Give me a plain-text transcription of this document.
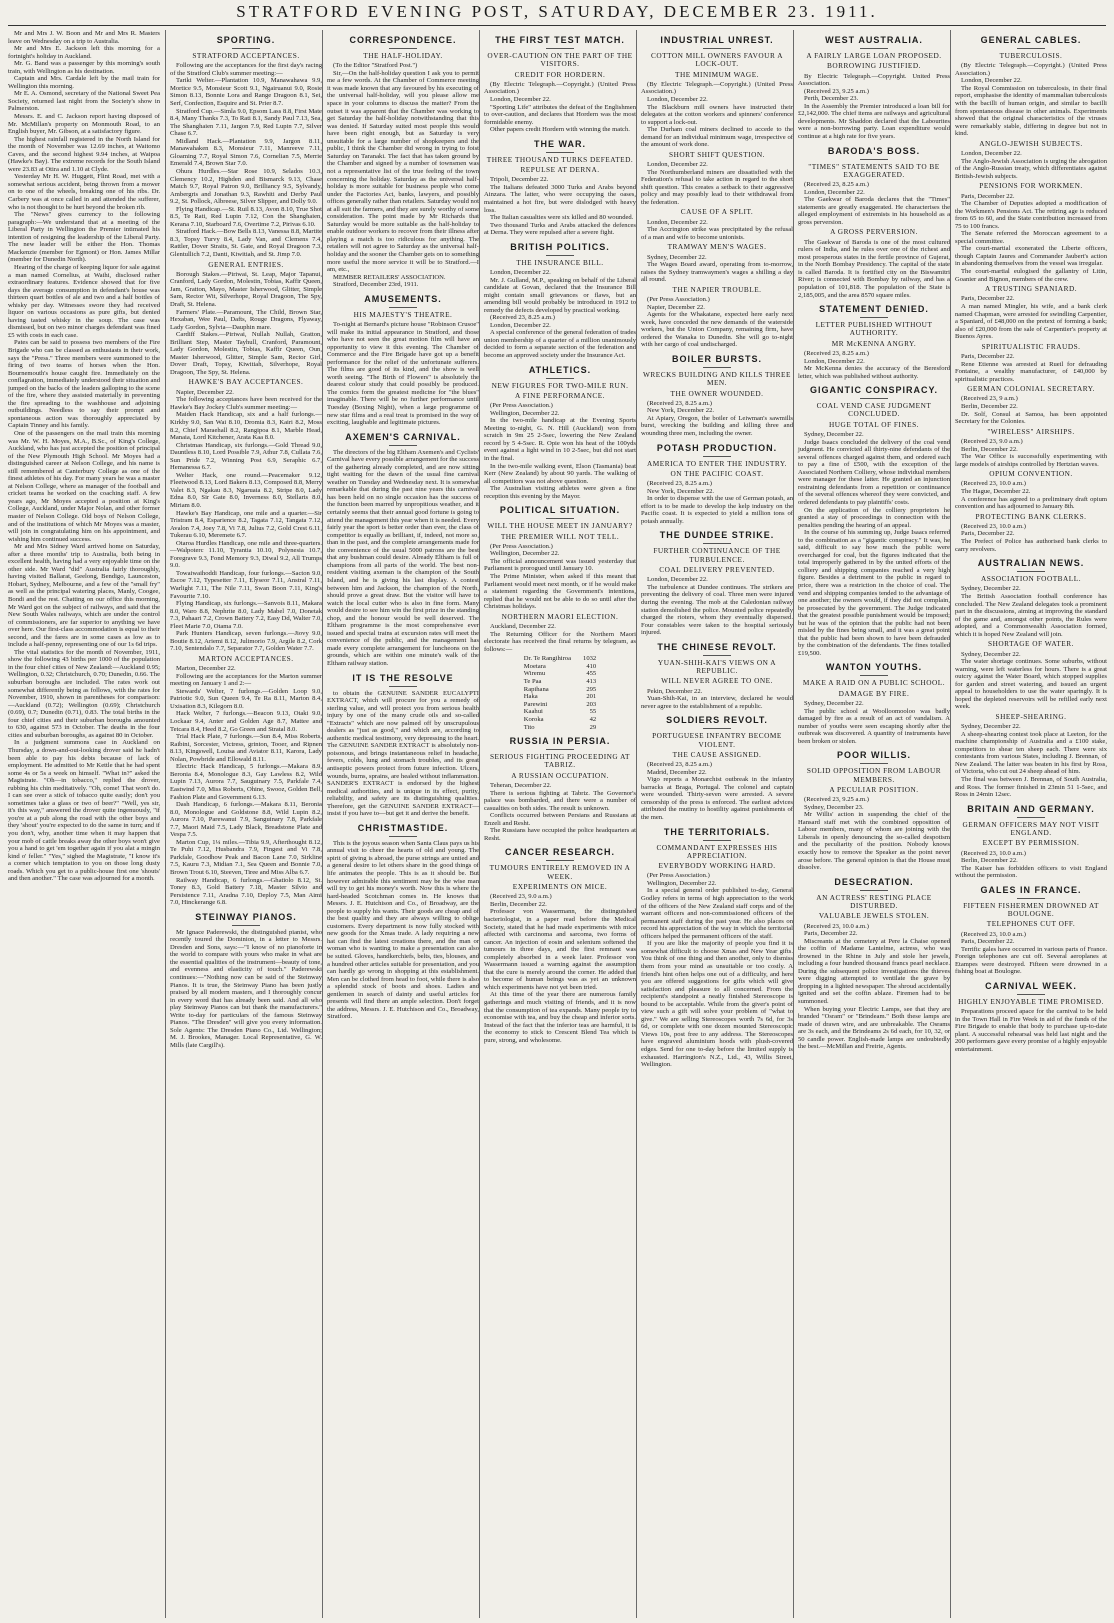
STRATFORD EVENING POST, SATURDAY, DECEMBER 23. 1911.

Mr and Mrs J. W. Boon and Mr and Mrs R. Masters leave on Wednesday on a trip to Australia.

Mr and Mrs E. Jackson left this morning for a fortnight's holiday in Auckland.

Mr. G. Band was a passenger by this morning's south train, with Wellington as his destination.

Captain and Mrs. Cardale left by the mail train for Wellington this morning.

Mr E. A. Osmond, secretary of the National Sweet Pea Society, returned last night from the Society's show in Palmerston.

Messrs. E. and C. Jackson report having disposed of Mr. McMillan's property on Monmouth Road, to an English buyer, Mr. Gibson, at a satisfactory figure.

The highest rainfall registered in the North Island for the month of November was 12.69 inches, at Waitomo Caves, and the second highest 9.94 inches, at Waipoa (Hawke's Bay). The extreme records for the South Island were 23.83 at Otira and 1.10 at Clyde.

Yesterday Mr H. W. Huggett, Flint Road, met with a somewhat serious accident, being thrown from a mower on to one of the wheels, breaking one of his ribs. Dr. Carbery was at once called in and attended the sufferer, who is not thought to be hurt beyond the broken rib.

The "News" gives currency to the following paragraph:—We understand that at a meeting of the Liberal Party in Wellington the Premier intimated his intention of resigning the leadership of the Liberal Party. The new leader will be either the Hon. Thomas Mackenzie (member for Egmont) or Hon. James Millar (member for Dunedin North).

Hearing of the charge of keeping liquor for sale against a man named Cornelius, at Waihi, disclosed rather extraordinary features. Evidence showed that for five days the average consumption in defendant's house was thirteen quart bottles of ale and two and a half bottles of whisky per day. Witnesses swore they had received liquor on various occasions as pure gifts, but denied having tasted whisky in the soup. The case was dismissed, but on two minor charges defendant was fined £5 with costs in each case.

Pates can be said to possess two members of the Fire Brigade who can be classed as enthusiasts in their work, says the "Press." Three members were summoned to the firing of two teams of horses when the Hon. Bournemouth's house caught fire. Immediately on the conflagration, immediately understood their situation and jumped on the backs of the leaders galloping to the scene of the fire, where they assisted materially in preventing the fire spreading to the washhouse and adjoining outbuildings. Needless to say their prompt and spontaneous action was thoroughly appreciated by Captain Tinney and his family.

One of the passengers on the mail train this morning was Mr. W. H. Moyes, M.A., B.Sc., of King's College, Auckland, who has just accepted the position of principal of the New Plymouth High School. Mr Moyes had a distinguished career at Nelson College, and his name is still remembered at Canterbury College as one of the finest athletes of his day. For many years he was a master at Nelson College, where as manager of the football and cricket teams he worked on the coaching staff. A few years ago, Mr Moyes accepted a position at King's College, Auckland, under Major Nolan, and other former master of Nelson College. Old boys of Nelson College, and of the institutions of which Mr Moyes was a master, will join in congratulating him on his appointment, and wishing him continued success.

Mr and Mrs Sidney Ward arrived home on Saturday, after a three months' trip to Australia, both being in excellent health, having had a very enjoyable time on the other side. Mr Ward "did" Australia fairly thoroughly, having visited Ballarat, Geelong, Bendigo, Launceston, Hobart, Sydney, Melbourne, and a few of the "small fry" as well as the principal watering places, Manly, Coogee, Bondi and the rest. Chatting on our office this morning, Mr Ward got on the subject of railways, and said that the New South Wales railways, which are under the control of commissioners, are far superior to anything we have over here. Our first-class accommodation is equal to their second, and the fares are in some cases as low as to include a half-penny, representing one of our 1s 6d trips.

The vital statistics for the month of November, 1911, show the following 43 births per 1000 of the population in the four chief cities of New Zealand:—Auckland 0.95; Wellington, 0.32; Christchurch, 0.70; Dunedin, 0.66. The suburban boroughs are included. The rates work out somewhat differently being as follows, with the rates for November, 1910, shown in parentheses for comparison:—Auckland (0.72); Wellington (0.69); Christchurch (0.69), 0.7; Dunedin (0.71), 0.83. The total births in the four chief cities and their suburban boroughs amounted to 630, against 573 in October. The deaths in the four cities and suburban boroughs, as against 80 in October.

In a judgment summons case in Auckland on Thursday, a down-and-out-looking drover said he hadn't been able to pay his debts because of lack of employment. He admitted to Mr Kettle that he had spent some 4s or 5s a week on himself. "What in?" asked the Magistrate. "Oh—in tobacco," replied the drover, rubbing his chin meditatively. "Oh, come! That won't do. I can see over a stick of tobacco quite easily; don't you sometimes take a glass or two of beer?" "Well, yes sir, it's this way," answered the drover quite ingenuously, "if you're at a pub along the road with the other boys and they 'shout' you're expected to do the same in turn; and if you don't, why, another time when it may happen that your mob of cattle breaks away the other boys won't give you a hand to get 'em together again if you alat a mingin kind o' feller." "Yes," sighed the Magistrate, "I know it's a corner which temptation to you on those long dusty roads. Which you get to a public-house first one 'shouts' and then another." The case was adjourned for a month.

SPORTING.
STRATFORD ACCEPTANCES.

Following are the acceptances for the first day's racing of the Stratford Club's summer meeting:—

Tariki Welter.—Plantation 10.9, Manawahawa 9.9, Mortice 9.5, Monsieur Scott 9.1, Ngairuanui 9.0, Rosie Simon 8.13, Bonnie Lora and Range Dragoon 8.1, Sei, Serf, Confection, Esquire and St. Prier 8.7.

Stratford Cup.—Simla 9.0, Epsom Lass 8.8, First Mate 8.4, Many Thanks 7.3, To Rati 8.1, Sandy Paul 7.13, Sea, The Shanghaien 7.11, Jargon 7.9, Red Lupin 7.7, Silver Chase 6.7.

Midland Hack.—Plantation 9.9, Jargon 8.11, Manawahaken 8.3, Monsieur 7.11, Manreeve 7.11, Gloaming 7.7, Royal Simon 7.6, Cornelian 7.5, Merrie Emerald 7.4, Brown Star 7.0.

Ohura Hurdles.—Star Rose 10.9, Selados 10.3, Clemency 10.2, Highden and Bismarck 9.13, Chase Match 9.7, Royal Patron 9.0, Brilliancy 9.5, Sylvandy, Ambergris and Jonathan 9.3, Rawhiti and Derby Paul 9.2, St. Pollock, Albreese, Silver Slipper, and Dolly 9.0.

Flying Handicap.—St. Ruil 8.13, Avon 8.10, True Shot 8.5, Te Rati, Red Lupin 7.12, Con the Shanghaien, Kerana 7.10, Starboard 7.6, Overtime 7.2, Pirivas 6.10.

Stratford Hack.—Bow Bells 8.13, Vanessa 8.8, Martite 8.3, Topsy Turvy 8.4, Lady Van, and Clemens 7.4, Rattler, Dover Straits, St. Gate, and Royal Dragoon 7.3, Glentullich 7.2, Danti, Kiwitiah, and St. Jimp 7.0.

GENERAL ENTRIES.

Borough Stakes.—Piriwai, St. Leap, Major Tapanui, Cranford, Lady Gordon, Molestin, Tobias, Kaffir Queen, Jam, Gratton, Mayo, Master Isherwood, Glitter, Simple Sam, Rector Wit, Silverhope, Royal Dragoon, The Spy, Draft, St. Helena.

Farmers' Plate.—Paramount, The Child, Brown Star, Hexaban, Wee Paul, Dafts, Rouge Dragons, Flyaway, Lady Gordon, Sylvia—Dauphin mare.

Cardiff Stakes.—Piriwai, Nullah Nullah, Gratton, Brilliant Step, Master Tayhull, Cranford, Paramount, Lady Gordon, Molestin, Tobias, Kaffir Queen, Oun, Master Isherwood, Glitter, Simple Sam, Rector Girl, Dover Draft, Topsy, Kiwitiah, Silverhope, Royal Dragoon, The Spy, St. Helena.

HAWKE'S BAY ACCEPTANCES.

Napier, December 22.

The following acceptances have been received for the Hawke's Bay Jockey Club's summer meeting:—

Maiden Hack Handicap, six and a half furlongs.—Kirkby 9.0, San Wai 8.10, Dromia 8.3, Kairi 8.2, Moss 8.2, Chief Maraehall 8.2, Rangipoa 8.1, Marble Head, Manaia, Lord Kitchener, Arata Kaa 8.0.

Christmas Handicap, six furlongs.—Gold Thread 9.0, Dauntless 8.10, Lord Possible 7.9, Athur 7.8, Cullata 7.6, Sun Pride 7.2, Winning Post 6.9, Seraphic 6.7, Hemanessa 6.7.

Welter Hack, one round.—Peacemaker 9.12, Fleetwood 8.13, Lord Bakers 8.13, Composed 8.8, Merry Valet 8.3, Ngakau 8.3, Ngaruaia 8.2, Stripe 8.0, Lady Edna 8.0, Sir Gate 8.0, Inverness 8.0, Stellaris 8.0, Miriam 8.0.

Hawke's Bay Handicap, one mile and a quarter.—Sir Tristram 8.4, Esparience 8.2, Tagata 7.12, Tangata 7.12, Avalon 7.4, Joey 7.8, Vi 7.8, Julius 7.2, Gold Crest 6.11, Tukerau 6.10, Meremete 6.7.

Otaroa Hurdles Handicap, one mile and three-quarters.—Walpoterc 11.10, Tyrantia 10.10, Polynesia 10.7, Foregrave 9.3, Fond Memory 9.3, Diwal 9.2, All Trumps 9.0.

Towaiwaihoddi Handicap, four furlongs.—Sacton 9.0, Escoe 7.12, Typesetter 7.11, Elyseor 7.11, Anstral 7.11, Warlight 7.11, The Nile 7.11, Swan Boon 7.11, King's Favourite 7.10.

Flying Handicap, six furlongs.—Sanvois 8.11, Makara 8.0, Waro 8.8, Nephrite 8.0, Lady Mabel 7.0, Donetak 7.3, Pahaari 7.2, Crown Battery 7.2, Easy Dd, Walter 7.0, Fleet Marie 7.0, Otama 7.0.

Park Hunters Handicap, seven furlongs.—Jiovy 9.0, Boutie 8.12, Ariemi 8.12, Julimorio 7.9, Argile 8.2, Cork 7.10, Sentendalo 7.7, Separator 7.7, Golden Water 7.7.

MARTON ACCEPTANCES.

Marton, December 22.

Following are the acceptances for the Marton summer meeting on January 1 and 2:—

Stewards' Welter, 7 furlongs.—Golden Loop 9.0, Patriotic 9.0, Sun Queen 9.4, Te Ra 8.11, Marton 8.4, Uxisation 8.3, Kilegorn 8.0.

Hack Welter, 7 furlongs.—Beacon 9.13, Otaki 9.0, Lockaar 9.4, Anter and Golden Age 8.7, Mattee and Tetcara 8.4, Heed 8.2, Go Green and Stratal 8.0.

Trial Hack Plate, 7 furlongs.—Sun 8.4, Miss Roberts, Raibini, Sorcester, Victress, grinton, Tooer, and Ripnen 8.13, Kingswell, Louisa and Aviator 8.11, Karora, Lady Nolan, Powbride and Ellowald 8.11.

Electric Hack Handicap, 5 furlongs.—Makara 8.9, Beronia 8.4, Monologue 8.3, Gay Lawless 8.2, Wild Lupin 7.13, Aurora 7.7, Sauguinary 7.5, Parkfale 7.4, Eastwind 7.0, Miss Roberts, Ohine, Swooz, Golden Bell, Fashion Plate and Government 6.13.

Dash Handicap, 6 furlongs.—Makara 8.11, Beronia 8.0, Monologue and Goldstone 8.8, Wild Lupin 8.2, Aurora 7.10, Parewanui 7.9, Sanguinary 7.8, Parkfale 7.7, Maori Maid 7.5, Lady Black, Breadstone Plate and Vespa 7.5.

Marton Cup, 1¼ miles.—Tibia 9.9, Afterthought 8.12, Te Puhi 7.12, Husbandra 7.9, Fingest and Vi 7.8, Parkfale, Goodhow Peak and Bacon Lane 7.0, Sirkline 7.5, Kauru 7.3, Midian 7.1, Sea Queen and Bonnie 7.0, Brown Trout 6.10, Steeven, Tiree and Miss Alba 6.7.

Railway Handicap, 6 furlongs.—Ghatiolo 8.12, St. Toney 8.3, Gold Battery 7.18, Master Silvio and Persistence 7.11, Aradna 7.10, Deploy 7.5, Man Aimi 7.0, Hinckerange 6.8.

STEINWAY PIANOS.

Mr Ignace Paderewski, the distinguished pianist, who recently toured the Dominion, in a letter to Messrs. Dresden and Sons, says:—"I know of no pianoforte in the world to compare with yours who make in what are the essential qualities of the instrument—beauty of tone, and evenness and elasticity of touch." Paderewski continues:—"Nothing now can be said of the Steinway Pianos. It is true, the Steinway Piano has been justly praised by all modern masters, and I thoroughly concur in every word that has already been said. And all who play Steinway Pianos can but thank the manufacturers." Write to-day for particulars of the famous Steinway Pianos. "The Dresden" will give you every information. Sole Agents: The Dresden Piano Co., Ltd. Wellington; M. J. Brookes, Manager. Local Representative, G. W. Mills (late Cargill's).

CORRESPONDENCE.
THE HALF-HOLIDAY.

(To the Editor "Stratford Post.")

Sir,—On the half-holiday question I ask you to permit me a few words. At the Chamber of Commerce meeting it was made known that any favoured by his executing of the universal half-holiday, will you please allow me space in your columns to discuss the matter? From the outset it was apparent that the Chamber was working to get Saturday the half-holiday notwithstanding that this was denied. If Saturday suited most people this would have been right enough, but as Saturday is very unsuitable for a large number of shopkeepers and the public, I think the Chamber did wrong in trying to foist Saturday on Taranaki. The fact that has taken ground by the Chamber and signed by a number of townsmen was not a representative list of the true feeling of the town concerning the holiday. Saturday as the universal half-holiday is more suitable for business people who come under the Factories Act, banks, lawyers, and possibly offices generally rather than retailers. Saturday would not at all suit the farmers, and they are surely worthy of some consideration. The point made by Mr Richards that Saturday would be more suitable as the half-holiday to enable outdoor workers to recover from their illness after playing a match is too ridiculous for anything. The retailers will not agree to Saturday as the universal half-holiday and the sooner the Chamber gets on to something more useful the more service it will be to Stratford.—I am, etc.,

MEMBER RETAILERS' ASSOCIATION.

Stratford, December 23rd, 1911.

AMUSEMENTS.
HIS MAJESTY'S THEATRE.

To-night at Bernard's picture house "Robinson Crusoe" will make its initial appearance in Stratford, and those who have not seen the great motion film will have an opportunity to view it this evening. The Chamber of Commerce and the Fire Brigade have got up a benefit performance for the relief of the unfortunate sufferers. The films are good of its kind, and the show is well worth seeing. "The Birth of Flowers" is absolutely the dearest colour study that could possibly be produced. The comics form the greatest medicine for "the blues" imaginable. There will be no further performance until Tuesday (Boxing Night), when a large programme of new star films and a real treat is promised in the way of exciting, laughable and legitimate pictures.

AXEMEN'S CARNIVAL.

The directors of the big Eltham Axemen's and Cyclists' Carnival have every possible arrangement for the success of the gathering already completed, and are now sitting tight waiting for the dawn of the usual fine carnival weather on Tuesday and Wednesday next. It is somewhat remarkable that during the past nine years this carnival has been held on no single occasion has the success of the function been marred by unpropitious weather, and it certainly seems that their annual good fortune is going to attend the management this year when it is needed. Every fairly year the sport is better order than ever, the class of competitor is equally as brilliant, if, indeed, not more so, than in the past, and the complete arrangements made for the convenience of the usual 5000 patrons are the best that any bushman could desire. Already Eltham is full of champions from all parts of the world. The best non-resident visiting axeman is the champion of the South Island, and he is giving his last display. A contest between him and Jackson, the champion of the North, should prove a great draw. But the visitor will have to watch the local cutter who is also in fine form. Many would desire to see him win the first prize in the standing chop, and the honour would be well deserved. The Eltham programme is the most comprehensive ever issued and special trains at excursion rates will meet the convenience of the public, and the management has made every complete arrangement for luncheons on the grounds, which are within one minute's walk of the Eltham railway station.

IT IS THE RESOLVE

to obtain the GENUINE SANDER EUCALYPTI EXTRACT, which will procure for you a remedy of sterling value, and will protect you from serious health injury by one of the many crude oils and so-called "Extracts" which are now palmed off by unscrupulous dealers as "just as good," and which are, according to authentic medical testimony, very depressing to the heart. The GENUINE SANDER EXTRACT is absolutely non-poisonous, and brings instantaneous relief in headache, fevers, colds, lung and stomach troubles, and its great antiseptic powers protect from future infection. Ulcers, wounds, burns, sprains, are healed without inflammation. SANDER'S EXTRACT is endorsed by the highest medical authorities, and is unique in its effect, purity, reliability, and safety are its distinguishing qualities. Therefore, get the GENUINE SANDER EXTRACT—insist if you have to—but get it and derive the benefit.

CHRISTMASTIDE.

This is the joyous season when Santa Claus pays us his annual visit to cheer the hearts of old and young. The spirit of giving is abroad, the purse strings are untied and a general desire to let others share in the good things of life animates the people. This is as it should be. But however admirable this sentiment may be the wise man will try to get his money's worth. Now this is where the hard-headed Scotchman comes in. He knows that Messrs. J. E. Hutchison and Co., of Broadway, are the people to supply his wants. Their goods are cheap and of the best quality and they are always willing to oblige customers. Every department is now fully stocked with new goods for the Xmas trade. A lady requiring a new hat can find the latest creations there, and the man or woman who is wanting to make a presentation can also be suited. Gloves, handkerchiefs, belts, ties, blouses, and a hundred other articles suitable for presentation, and you can hardly go wrong in shopping at this establishment. Men can be clothed from head to foot, while there is also a splendid stock of boots and shoes. Ladies and gentlemen in search of dainty and useful articles for presents will find there an ample selection. Don't forget the address, Messrs. J. E. Hutchison and Co., Broadway, Stratford.

THE FIRST TEST MATCH.
OVER-CAUTION ON THE PART OF THE VISITORS.
CREDIT FOR HORDERN.

(By Electric Telegraph.—Copyright.) (United Press Association.)

London, December 22.

"Sporting Life" attributes the defeat of the Englishmen to over-caution, and declares that Hordern was the most formidable enemy.

Other papers credit Hordern with winning the match.

THE WAR.
THREE THOUSAND TURKS DEFEATED.
REPULSE AT DERNA.

Tripoli, December 22.

The Italians defeated 3000 Turks and Arabs beyond Ainzara. The latter, who were occupying the oases, maintained a hot fire, but were dislodged with heavy loss.

The Italian casualties were six killed and 80 wounded.

Two thousand Turks and Arabs attacked the defences at Derna. They were repulsed after a severe fight.

BRITISH POLITICS.
THE INSURANCE BILL.

London, December 22.

Mr. J. Gulland, M.P., speaking on behalf of the Liberal candidate at Govan, declared that the Insurance Bill might contain small grievances or flaws, but an amending bill would probably be introduced in 1912 to remedy the defects developed by practical working.

(Received 23, 8.25 a.m.)

London, December 22.

A special conference of the general federation of trades union membership of a quarter of a million unanimously decided to form a separate section of the federation and become an approved society under the Insurance Act.

ATHLETICS.
NEW FIGURES FOR TWO-MILE RUN.
A FINE PERFORMANCE.

(Per Press Association.)

Wellington, December 22.

In the two-mile handicap at the Evening Sports Meeting to-night, G. N. Hill (Auckland) won from scratch in 9m 25 2-5sec, lowering the New Zealand record by 5 4-5sec. R. Opie won his heat of the 100yds event against a light wind in 10 2-5sec, but did not start in the final.

In the two-mile walking event, Elson (Tasmania) beat Kerr (New Zealand) by about 90 yards. The walking of all competitors was not above question.

The Australian visiting athletes were given a fine reception this evening by the Mayor.

POLITICAL SITUATION.
WILL THE HOUSE MEET IN JANUARY?
THE PREMIER WILL NOT TELL.

(Per Press Association.)

Wellington, December 22.

The official announcement was issued yesterday that Parliament is prorogued until January 10.

The Prime Minister, when asked if this meant that Parliament would meet next month, or if he would make a statement regarding the Government's intentions, replied that he would not be able to do so until after the Christmas holidays.

NORTHERN MAORI ELECTION.

Auckland, December 22.

The Returning Officer for the Northern Maori electorate has received the final returns by telegram, as follows:—

Dr. Te Rangihiroa	1032
Moetara	410
Wiremu	455
Te Paa	413
Rapihana	295
Haka	201
Parewini	203
Kaahui	55
Koroka	42
Tito	29
RUSSIA IN PERSIA.
SERIOUS FIGHTING PROCEEDING AT TABRIZ.
A RUSSIAN OCCUPATION.

Teheran, December 22.

There is serious fighting at Tabriz. The Governor's palace was bombarded, and there were a number of casualties on both sides. The result is unknown.

Conflicts occurred between Persians and Russians at Enzeli and Resht.

The Russians have occupied the police headquarters at Resht.

CANCER RESEARCH.
TUMOURS ENTIRELY REMOVED IN A WEEK.
EXPERIMENTS ON MICE.

(Received 23, 9.0 a.m.)

Berlin, December 22.

Professor von Wassermann, the distinguished bacteriologist, in a paper read before the Medical Society, stated that he had made experiments with mice affected with carcinoma and sarcoma, two forms of cancer. An injection of eosin and selenium softened the tumours in three days, and the first remnant was completely absorbed in a week later. Professor von Wassermann issued a warning against the assumption that the cure is merely around the corner. He added that to become of human beings was as yet an unknown which experiments have not yet been tried.

At this time of the year there are numerous family gatherings and much visiting of friends, and it is now that the consumption of tea expands. Many people try to economise with tea, and buy the cheap and inferior sorts. Instead of the fact that the inferior teas are harmful, it is the economy to stick to Crescent Blend Tea which is pure, strong, and wholesome.

INDUSTRIAL UNREST.
COTTON MILL OWNERS FAVOUR A LOCK-OUT.
THE MINIMUM WAGE.

(By Electric Telegraph.—Copyright.) (United Press Association.)

London, December 22.

The Blackburn mill owners have instructed their delegates at the cotton workers and spinners' conference to support a lock-out.

The Durham coal miners declined to accede to the demand for an individual minimum wage, irrespective of the amount of work done.

SHORT SHIFT QUESTION.

London, December 22.

The Northumberland miners are dissatisfied with the Federation's refusal to take action in regard to the short shift question. This creates a setback to their aggressive policy and may possibly lead to their withdrawal from the federation.

CAUSE OF A SPLIT.

London, December 22.

The Accrington strike was precipitated by the refusal of a man and wife to become unionists.

TRAMWAY MEN'S WAGES.

Sydney, December 22.

The Wages Board award, operating from to-morrow, raises the Sydney tramwaymen's wages a shilling a day all round.

THE NAPIER TROUBLE.

(Per Press Association.)

Napier, December 22.

Agents for the Whakatane, expected here early next week, have conceded the new demands of the waterside workers, but the Union Company, remaining firm, have ordered the Wanaka to Dunedin. She will go to-night with her cargo of coal undischarged.

BOILER BURSTS.
WRECKS BUILDING AND KILLS THREE MEN.
THE OWNER WOUNDED.

(Received 23, 8.25 a.m.)

New York, December 22.

At Apiary, Oregon, the boiler of Leiwman's sawmills burst, wrecking the building and killing three and wounding three men, including the owner.

POTASH PRODUCTION.
AMERICA TO ENTER THE INDUSTRY.
ON THE PACIFIC COAST.

(Received 23, 8.25 a.m.)

New York, December 22.

In order to dispense with the use of German potash, an effort is to be made to develop the kelp industry on the Pacific coast. It is expected to yield a million tons of potash annually.

THE DUNDEE STRIKE.
FURTHER CONTINUANCE OF THE TURBULENCE.
COAL DELIVERY PREVENTED.

London, December 22.

The turbulence at Dundee continues. The strikers are preventing the delivery of coal. Three men were injured during the evening. The mob at the Caledonian railway station demolished the police. Mounted police repeatedly charged the rioters, whom they eventually dispersed. Four constables were taken to the hospital seriously injured.

THE CHINESE REVOLT.
YUAN-SHIH-KAI'S VIEWS ON A REPUBLIC.
WILL NEVER AGREE TO ONE.

Pekin, December 22.

Yuan-Shih-Kai, in an interview, declared he would never agree to the establishment of a republic.

SOLDIERS REVOLT.
PORTUGUESE INFANTRY BECOME VIOLENT.
THE CAUSE ASSIGNED.

(Received 23, 8.25 a.m.)

Madrid, December 22.

Vigo reports a Monarchist outbreak in the infantry barracks at Braga, Portugal. The colonel and captain were wounded. Thirty-seven were arrested. A severe censorship of the press is enforced. The earliest advices attributed the mutiny to hostility against punishments of the men.

THE TERRITORIALS.
COMMANDANT EXPRESSES HIS APPRECIATION.
EVERYBODY WORKING HARD.

(Per Press Association.)

Wellington, December 22.

In a special general order published to-day, General Godley refers in terms of high appreciation to the work of the officers of the New Zealand staff corps and of the warrant officers and non-commissioned officers of the permanent staff during the past year. He also places on record his appreciation of the way in which the territorial officers helped the permanent officers of the staff.

If you are like the majority of people you find it is somewhat difficult to choose Xmas and New Year gifts. You think of one thing and then another, only to dismiss them from your mind as unsuitable or too costly. A friend's hint often helps one out of a difficulty, and here you are offered suggestions for gifts which will give satisfaction and pleasure to all concerned. From the recipient's standpoint a neatly finished Stereoscope is bound to be acceptable. While from the giver's point of view such a gift will solve your problem of "what to give." We are selling Stereoscopes worth 7s 6d, for 3s 6d, or complete with one dozen mounted Stereoscopic Views 10s, post free to any address. The Stereoscopes have engraved aluminium hoods with plush-covered edges. Send for one to-day before the limited supply is exhausted. Harrington's N.Z., Ltd., 43, Willis Street, Wellington.

WEST AUSTRALIA.
A FAIRLY LARGE LOAN PROPOSED.
BORROWING JUSTIFIED.

By Electric Telegraph.—Copyright. United Press Association.

(Received 23, 9.25 a.m.)

Perth, December 23.

In the Assembly the Premier introduced a loan bill for £2,142,000. The chief items are railways and agricultural developments. Mr Shaddon declared that the Labourites were a non-borrowing party. Loan expenditure would continue at a high rate for five years.

BARODA'S BOSS.
"TIMES" STATEMENTS SAID TO BE EXAGGERATED.

(Received 23, 8.25 a.m.)

London, December 22.

The Gaekwar of Baroda declares that the "Times" statements are greatly exaggerated. He characterises the alleged employment of extremists in his household as a gross perversion.

A GROSS PERVERSION.

The Gaekwar of Baroda is one of the most cultured rulers of India, and he rules over one of the richest and most prosperous states in the fertile province of Gujerat, in the North Bombay Presidency. The capital of the state is called Baroda. It is fortified city on the Biswamitri River; is connected with Bombay by railway, and has a population of 101,818. The population of the State is 2,185,005, and the area 8570 square miles.

STATEMENT DENIED.
LETTER PUBLISHED WITHOUT AUTHORITY.
MR McKENNA ANGRY.

(Received 23, 8.25 a.m.)

London, December 22.

Mr McKenna denies the accuracy of the Beresford letter, which was published without authority.

GIGANTIC CONSPIRACY.
COAL VEND CASE JUDGMENT CONCLUDED.
HUGE TOTAL OF FINES.

Sydney, December 22.

Judge Isaacs concluded the delivery of the coal vend judgment. He convicted all thirty-nine defendants of the several offences charged against them, and ordered each to pay a fine of £500, with the exception of the Associated Northern Colliery, whose individual members were manager for these latter. He granted an injunction restraining defendants from a repetition or continuance of the several offences whereof they were convicted, and ordered defendants to pay plaintiffs' costs.

On the application of the colliery proprietors he granted a stay of proceedings in connection with the penalties pending the hearing of an appeal.

In the course of his summing up, Judge Isaacs referred to the combination as a "gigantic conspiracy." It was, he said, difficult to say how much the public were overcharged for coal, but the figures indicated that the total improperly gathered in by the united efforts of the colliery and shipping companies reached a very high figure. Besides a detriment to the public in regard to price, there was a restriction in the choice of coal. The vend and shipping companies tended to the advantage of one another; the owners would, if they did not complain, be prosecuted by the government. The Judge indicated that the greatest possible punishment would be imposed; but he was of the opinion that the public had not been misled by the fines being small, and it was a great point that the public had been shown to have been defrauded by the combination of the defendants. The fines totalled £19,500.

WANTON YOUTHS.
MAKE A RAID ON A PUBLIC SCHOOL.
DAMAGE BY FIRE.

Sydney, December 22.

The public school at Woolloomooloo was badly damaged by fire as a result of an act of vandalism. A number of youths were seen escaping shortly after the outbreak was discovered. A quantity of instruments have been broken or stolen.

POOR WILLIS.
SOLID OPPOSITION FROM LABOUR MEMBERS.
A PECULIAR POSITION.

(Received 23, 9.25 a.m.)

Sydney, December 23.

Mr Willis' action in suspending the chief of the Hansard staff met with the combined opposition of Labour members, many of whom are joining with the Liberals in openly denouncing the so-called despotism and the peculiarity of the position. Nobody knows exactly how to remove the Speaker as the point never arose before. The general opinion is that the House must dissolve.

DESECRATION.
AN ACTRESS' RESTING PLACE DISTURBED.
VALUABLE JEWELS STOLEN.

(Received 23, 10.0 a.m.)

Paris, December 22.

Miscreants at the cemetery at Pere la Chaise opened the coffin of Madame Lantelme, actress, who was drowned in the Rhine in July and stole her jewels, including a four hundred thousand francs pearl necklace. During the subsequent police investigations the thieves were digging attempted to ventilate the grave by dropping in a lighted newspaper. The shroud accidentally ignited and set the coffin ablaze. Firemen had to be summoned.

When buying your Electric Lamps, see that they are branded "Osram" or "Brindeam." Both these lamps are made of drawn wire, and are unbreakable. The Osrams are 3s each, and the Brindeams 2s 6d each, for 10, 32, or 50 candle power. English-made lamps are undoubtedly the best.—McMillan and Freirie, Agents.

GENERAL CABLES.
TUBERCULOSIS.

(By Electric Telegraph.—Copyright.) (United Press Association.)

London, December 22.

The Royal Commission on tuberculosis, in their final report, emphasise the identity of mammalian tuberculosis with the bacilli of human origin, and similar to bacilli from spontaneous disease in other animals. Experiments showed that the original characteristics of the viruses were remarkably stable, differing in degree but not in kind.

ANGLO-JEWISH SUBJECTS.

London, December 22.

The Anglo-Jewish Association is urging the abrogation of the Anglo-Russian treaty, which differentiates against British-Jewish subjects.

PENSIONS FOR WORKMEN.

Paris, December 22.

The Chamber of Deputies adopted a modification of the Workmen's Pensions Act. The retiring age is reduced from 65 to 60, and the State contribution increased from 75 to 100 francs.

The Senate referred the Moroccan agreement to a special committee.

The court-martial exonerated the Liberte officers, though Captain Jaures and Commander Jaubert's action in abandoning themselves from the vessel was irregular.

The court-martial eulogised the gallantry of Litin, Goanier and Bignon, members of the crew.

A TRUSTING SPANIARD.

Paris, December 22.

A man named Mingler, his wife, and a bank clerk named Chapman, were arrested for swindling Carpentier, a Spaniard, of £48,000 on the pretext of forming a bank; also of £20,000 from the sale of Carpentier's property at Buenos Ayres.

SPIRITUALISTIC FRAUDS.

Paris, December 22.

Rene Etienne was arrested at Rueil for defrauding Fontaine, a wealthy manufacturer, of £40,000 by spiritualistic practices.

GERMAN COLONIAL SECRETARY.

(Received 23, 9 a.m.)

Berlin, December 22.

Dr. Solf, Consul at Samoa, has been appointed Secretary for the Colonies.

"WIRELESS" AIRSHIPS.

(Received 23, 9.0 a.m.)

Berlin, December 22.

The War Office is successfully experimenting with large models of airships controlled by Hertzian waves.

OPIUM CONVENTION.

(Received 23, 10.0 a.m.)

The Hague, December 22.

A conference has agreed to a preliminary draft opium convention and has adjourned to January 8th.

PROTECTING BANK CLERKS.

(Received 23, 10.0 a.m.)

Paris, December 22.

The Prefect of Police has authorised bank clerks to carry revolvers.

AUSTRALIAN NEWS.
ASSOCIATION FOOTBALL.

Sydney, December 22.

The British Association football conference has concluded. The New Zealand delegates took a prominent part in the discussions, aiming at improving the standard of the game and, amongst other points, the Rules were adopted, and a Commonwealth Association formed, which it is hoped New Zealand will join.

SHORTAGE OF WATER.

Sydney, December 22.

The water shortage continues. Some suburbs, without warning, were left waterless for hours. There is a great outcry against the Water Board, which stopped supplies for garden and street watering, and issued an urgent appeal to householders to use the water sparingly. It is hoped the depleted reservoirs will be refilled early next week.

SHEEP-SHEARING.

Sydney, December 22.

A sheep-shearing contest took place at Leeton, for the machine championship of Australia and a £100 stake, competitors to shear ten sheep each. There were six contestants from various States, including J. Brennan, of New Zealand. The latter was beaten in his first by Ross, of Victoria, who cut out 24 sheep ahead of him.

The final was between J. Brennan, of South Australia, and Ross. The former finished in 23min 51 1-5sec, and Ross in 24min 12sec.

BRITAIN AND GERMANY.
GERMAN OFFICERS MAY NOT VISIT ENGLAND.
EXCEPT BY PERMISSION.

(Received 23, 10.0 a.m.)

Berlin, December 22.

The Kaiser has forbidden officers to visit England without the permission.

GALES IN FRANCE.
FIFTEEN FISHERMEN DROWNED AT BOULOGNE.
TELEPHONES CUT OFF.

(Received 23, 10.0 a.m.)

Paris, December 22.

Terrific gales have occurred in various parts of France. Foreign telephones are cut off. Several aeroplanes at Etampes were destroyed. Fifteen were drowned in a fishing boat at Boulogne.

CARNIVAL WEEK.
HIGHLY ENJOYABLE TIME PROMISED.

Preparations proceed apace for the carnival to be held in the Town Hall in Fire Week in aid of the funds of the Fire Brigade to enable that body to purchase up-to-date plant. A successful rehearsal was held last night and the 200 performers gave every promise of a highly enjoyable entertainment.
